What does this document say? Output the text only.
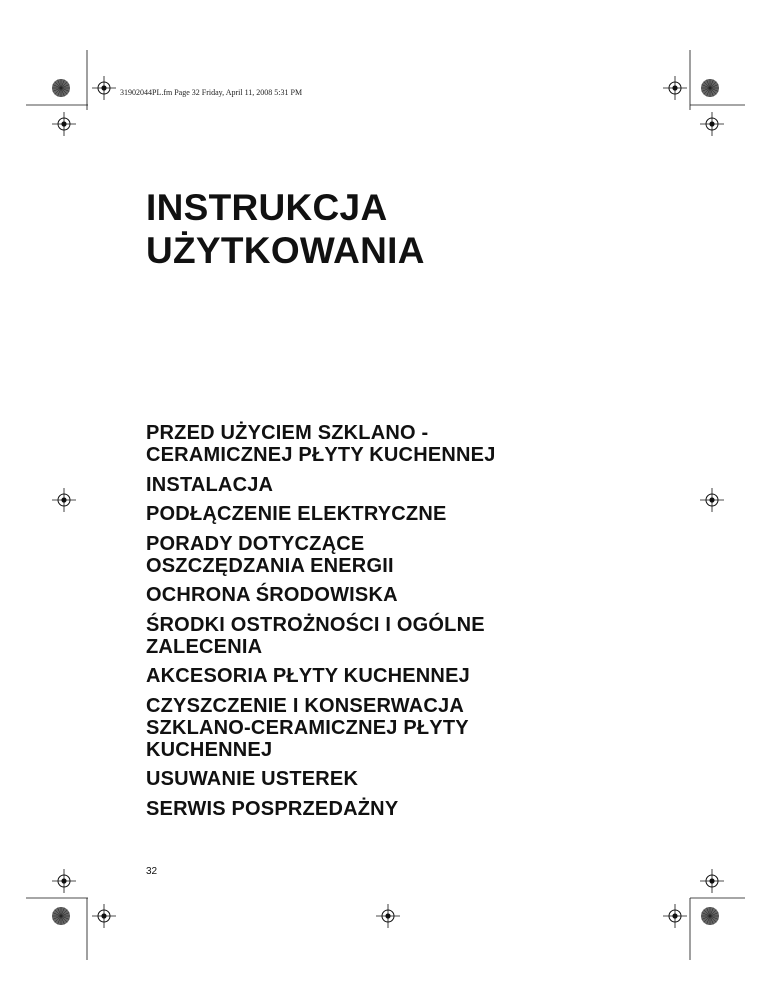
31902044PL.fm Page 32 Friday, April 11, 2008 5:31 PM
INSTRUKCJA
UŻYTKOWANIA
PRZED UŻYCIEM SZKLANO -
CERAMICZNEJ PŁYTY KUCHENNEJ
INSTALACJA
PODŁĄCZENIE ELEKTRYCZNE
PORADY DOTYCZĄCE
OSZCZĘDZANIA ENERGII
OCHRONA ŚRODOWISKA
ŚRODKI OSTROŻNOŚCI I OGÓLNE
ZALECENIA
AKCESORIA PŁYTY KUCHENNEJ
CZYSZCZENIE I KONSERWACJA
SZKLANO-CERAMICZNEJ PŁYTY
KUCHENNEJ
USUWANIE USTEREK
SERWIS POSPRZEDAŻNY
32
